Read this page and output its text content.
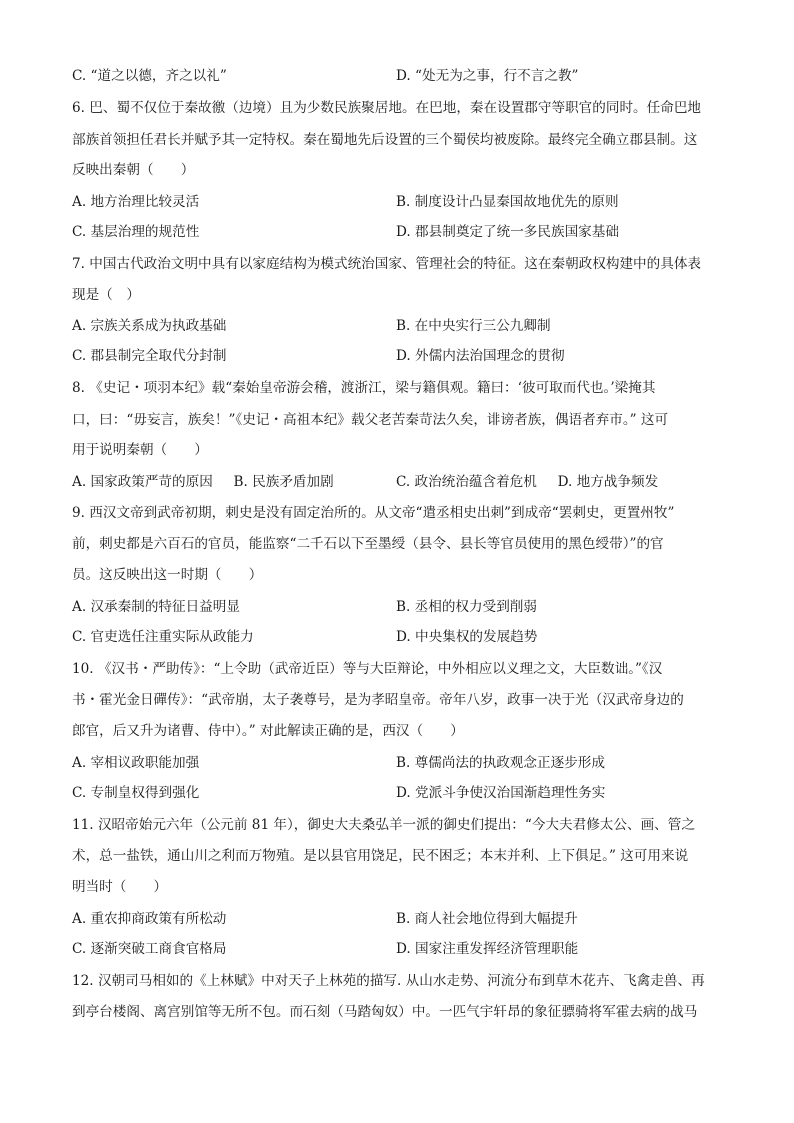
C. “道之以德，齐之以礼”	D. “处无为之事，行不言之教”
6. 巴、蜀不仅位于秦故徼（边境）且为少数民族聚居地。在巴地，秦在设置郡守等职官的同时。任命巴地
部族首领担任君长并赋予其一定特权。秦在蜀地先后设置的三个蜀侯均被废除。最终完全确立郡县制。这
反映出秦朝（　　）
A. 地方治理比较灵活	B. 制度设计凸显秦国故地优先的原则
C. 基层治理的规范性	D. 郡县制奠定了统一多民族国家基础
7. 中国古代政治文明中具有以家庭结构为模式统治国家、管理社会的特征。这在秦朝政权构建中的具体表
现是（　）
A. 宗族关系成为执政基础	B. 在中央实行三公九卿制
C. 郡县制完全取代分封制	D. 外儒内法治国理念的贯彻
8. 《史记・项羽本纪》载“秦始皇帝游会稽，渡浙江，梁与籍俱观。籍曰：‘彼可取而代也。’梁掩其
口，曰：“毋妄言，族矣！”《史记・高祖本纪》载父老苦秦苛法久矣，诽谤者族，偶语者弃市。” 这可
用于说明秦朝（　　）
A. 国家政策严苛的原因 B. 民族矛盾加剧	C. 政治统治蕴含着危机 D. 地方战争频发
9. 西汉文帝到武帝初期，刺史是没有固定治所的。从文帝“遣丞相史出刺”到成帝“罢刺史，更置州牧”
前，刺史都是六百石的官员，能监察“二千石以下至墨绶（县令、县长等官员使用的黑色绶带）”的官
员。这反映出这一时期（　　）
A. 汉承秦制的特征日益明显	B. 丞相的权力受到削弱
C. 官吏选任注重实际从政能力	D. 中央集权的发展趋势
10. 《汉书・严助传》：“上令助（武帝近臣）等与大臣辩论，中外相应以义理之文，大臣数诎。”《汉
书・霍光金日磾传》：“武帝崩，太子袭尊号，是为孝昭皇帝。帝年八岁，政事一决于光（汉武帝身边的
郎官，后又升为诸曹、侍中）。” 对此解读正确的是，西汉（　　）
A. 宰相议政职能加强	B. 尊儒尚法的执政观念正逐步形成
C. 专制皇权得到强化	D. 党派斗争使汉治国渐趋理性务实
11. 汉昭帝始元六年（公元前 81 年），御史大夫桑弘羊一派的御史们提出：“今大夫君修太公、画、管之
术，总一盐铁，通山川之利而万物殖。是以县官用饶足，民不困乏；本末并利、上下俱足。” 这可用来说
明当时（　　）
A. 重农抑商政策有所松动	B. 商人社会地位得到大幅提升
C. 逐渐突破工商食官格局	D. 国家注重发挥经济管理职能
12. 汉朝司马相如的《上林赋》中对天子上林苑的描写. 从山水走势、河流分布到草木花卉、飞禽走兽、再
到亭台楼阁、离宫别馆等无所不包。而石刻（马踏匈奴）中。一匹气宇轩昂的象征骠骑将军霍去病的战马
